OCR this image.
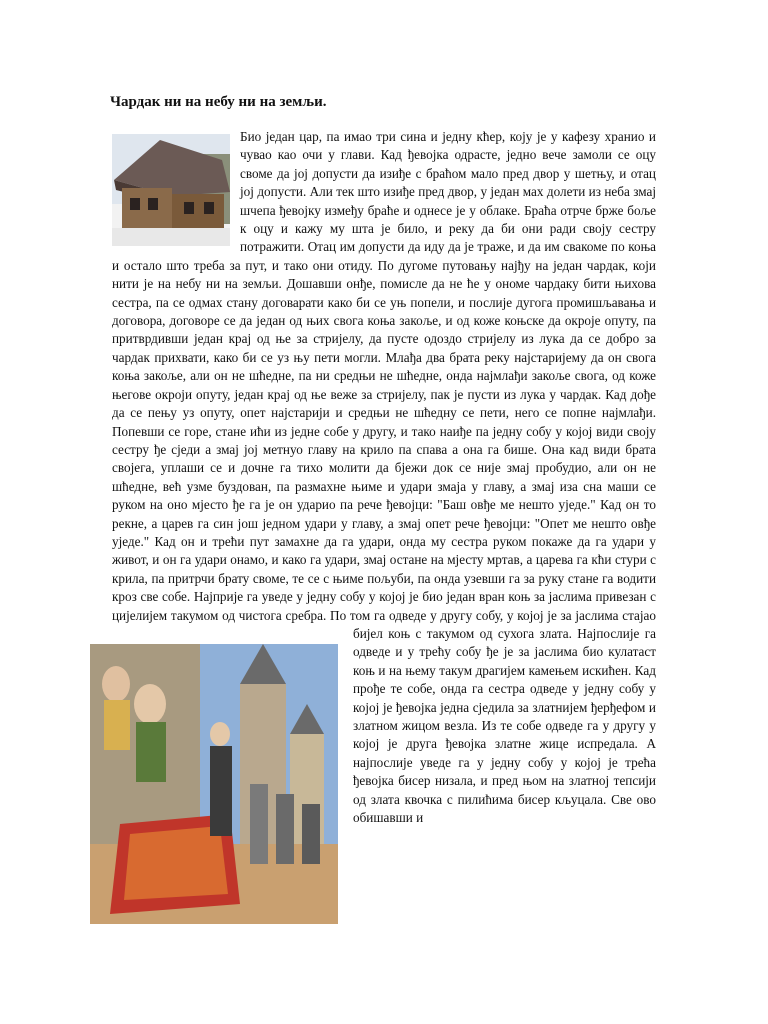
Чардак ни на небу ни на земљи.

Био један цар, па имао три сина и једну кћер, коју је у кафезу хранио и чувао као очи у глави. Кад ђевојка одрасте, једно вече замоли се оцу своме да јој допусти да изиђе с браћом мало пред двор у шетњу, и отац јој допусти. Али тек што изиђе пред двор, у један мах долети из неба змај шчепа ђевојку између браће и однесе је у облаке. Браћа отрче брже боље к оцу и кажу му шта је било, и реку да би они ради своју сестру потражити. Отац им допусти да иду да је траже, и да им свакоме по коња и остало што треба за пут, и тако они отиду. По дугоме путовању најђу на један чардак, који нити је на небу ни на земљи. Дошавши онђе, помисле да не ће у ономе чардаку бити њихова сестра, па се одмах стану договарати како би се уњ попели, и послије дугога промишљавања и договора, договоре се да један од њих свога коња закоље, и од коже коњске да окроје опуту, па притврдивши један крај од ње за стријелу, да пусте одоздо стријелу из лука да се добро за чардак прихвати, како би се уз њу пети могли. Млађа два брата реку најстаријему да он свога коња закоље, али он не шћедне, па ни средњи не шћедне, онда најмлађи закоље свога, од коже његове окроји опуту, један крај од ње веже за стријелу, пак је пусти из лука у чардак. Кад дође да се пењу уз опуту, опет најстарији и средњи не шћедну се пети, него се попне најмлађи. Попевши се горе, стане ићи из једне собе у другу, и тако наиђе па једну собу у којој види своју сестру ђе сједи а змај јој метнуо главу на крило па спава а она га бише. Она кад види брата својега, уплаши се и дочне га тихо молити да бјежи док се није змај пробудио, али он не шћедне, већ узме буздован, па размахне њиме и удари змаја у главу, а змај иза сна маши се руком на оно мјесто ђе га је он ударио па рече ђевојци: "Баш овђе ме нешто уједе." Кад он то рекне, а царев га син још једном удари у главу, а змај опет рече ђевојци: "Опет ме нешто овђе уједе." Кад он и трећи пут замахне да га удари, онда му сестра руком покаже да га удари у живот, и он га удари онамо, и како га удари, змај остане на мјесту мртав, а царева га кћи стури с крила, па притрчи брату своме, те се с њиме пољуби, па онда узевши га за руку стане га водити кроз све собе. Најприје га уведе у једну собу у којој је био један вран коњ за јаслима привезан с цијелијем такумом од чистога сребра. По том га одведе у другу собу, у којој је за јаслима стајао бијел коњ с такумом од сухога злата. Најпослије га одведе и у трећу собу ђе је за јаслима био кулатаст коњ и на њему такум драгијем камењем искићен. Кад прође те собе, онда га сестра одведе у једну собу у којој је ђевојка једна сједила за златнијем ђерђефом и златном жицом везла. Из те собе одведе га у другу у којој је друга ђевојка златне жице испредала. А најпослије уведе га у једну собу у којој је трећа ђевојка бисер низала, и пред њом на златној тепсији од злата квочка с пилићима бисер кљуцала. Све ово обишавши и
